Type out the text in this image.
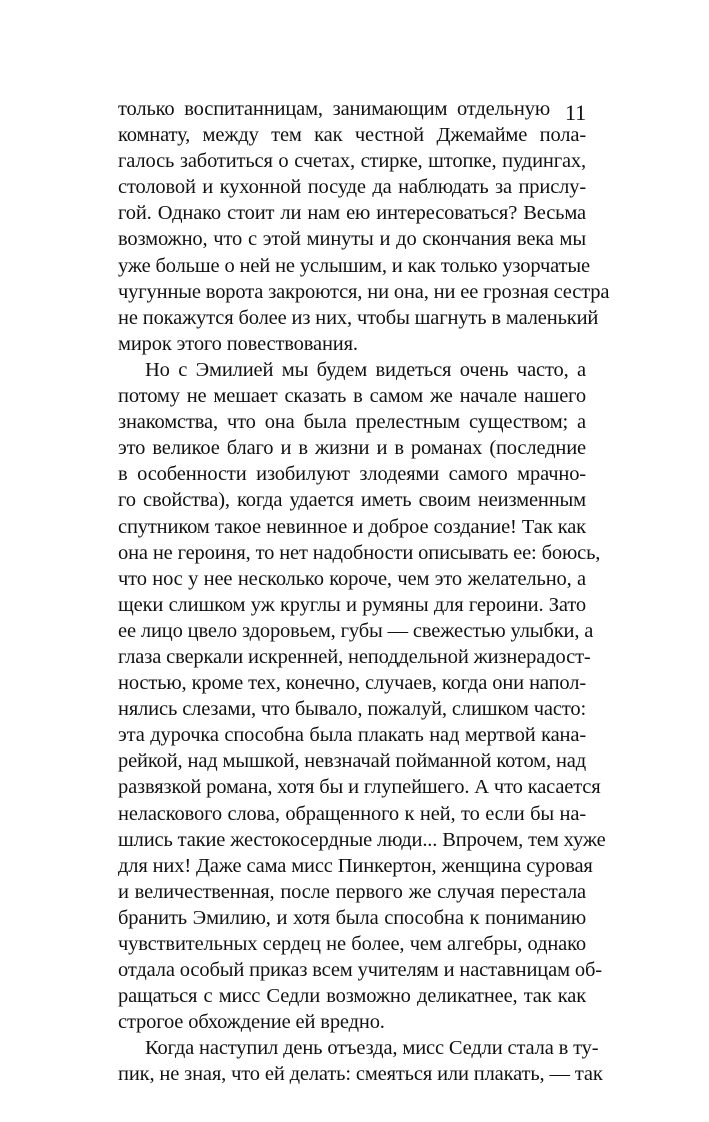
11
только воспитанницам, занимающим отдельную
комнату, между тем как честной Джемайме пола-
галось заботиться о счетах, стирке, штопке, пудингах,
столовой и кухонной посуде да наблюдать за прислу-
гой. Однако стоит ли нам ею интересоваться? Весьма
возможно, что с этой минуты и до скончания века мы
уже больше о ней не услышим, и как только узорчатые
чугунные ворота закроются, ни она, ни ее грозная сестра
не покажутся более из них, чтобы шагнуть в маленький
мирок этого повествования.
Но с Эмилией мы будем видеться очень часто, а
потому не мешает сказать в самом же начале нашего
знакомства, что она была прелестным существом; а
это великое благо и в жизни и в романах (последние
в особенности изобилуют злодеями самого мрачно-
го свойства), когда удается иметь своим неизменным
спутником такое невинное и доброе создание! Так как
она не героиня, то нет надобности описывать ее: боюсь,
что нос у нее несколько короче, чем это желательно, а
щеки слишком уж круглы и румяны для героини. Зато
ее лицо цвело здоровьем, губы — свежестью улыбки, а
глаза сверкали искренней, неподдельной жизнерадост-
ностью, кроме тех, конечно, случаев, когда они напол-
нялись слезами, что бывало, пожалуй, слишком часто:
эта дурочка способна была плакать над мертвой кана-
рейкой, над мышкой, невзначай пойманной котом, над
развязкой романа, хотя бы и глупейшего. А что касается
неласкового слова, обращенного к ней, то если бы на-
шлись такие жестокосердные люди... Впрочем, тем хуже
для них! Даже сама мисс Пинкертон, женщина суровая
и величественная, после первого же случая перестала
бранить Эмилию, и хотя была способна к пониманию
чувствительных сердец не более, чем алгебры, однако
отдала особый приказ всем учителям и наставницам об-
ращаться с мисс Седли возможно деликатнее, так как
строгое обхождение ей вредно.
Когда наступил день отъезда, мисс Седли стала в ту-
пик, не зная, что ей делать: смеяться или плакать, — так
